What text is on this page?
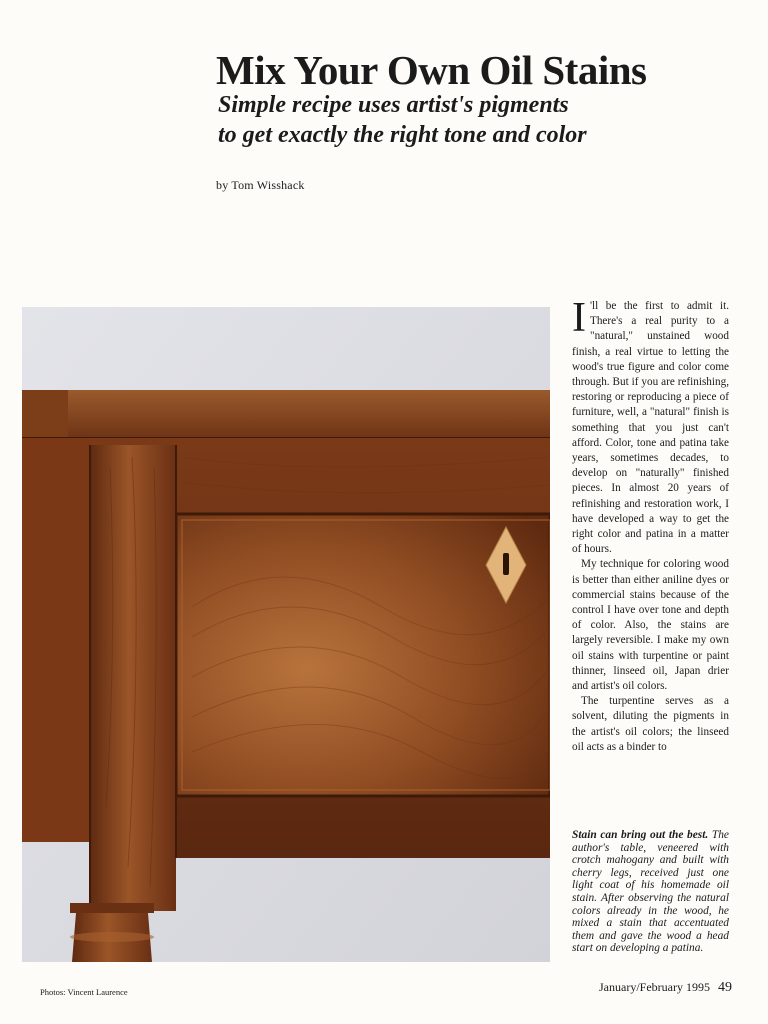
Mix Your Own Oil Stains
Simple recipe uses artist's pigments
to get exactly the right tone and color
by Tom Wisshack

I 'll be the first to admit it. There's a real purity to a "natural," unstained wood finish, a real virtue to letting the wood's true figure and color come through. But if you are refinishing, restoring or reproducing a piece of furniture, well, a "natural" finish is something that you just can't afford. Color, tone and patina take years, sometimes decades, to develop on "naturally" finished pieces. In almost 20 years of refinishing and restoration work, I have developed a way to get the right color and patina in a matter of hours.

My technique for coloring wood is better than either aniline dyes or commercial stains because of the control I have over tone and depth of color. Also, the stains are largely reversible. I make my own oil stains with turpentine or paint thinner, linseed oil, Japan drier and artist's oil colors.

The turpentine serves as a solvent, diluting the pigments in the artist's oil colors; the linseed oil acts as a binder to

Stain can bring out the best. The author's table, veneered with crotch mahogany and built with cherry legs, received just one light coat of his homemade oil stain. After observing the natural colors already in the wood, he mixed a stain that accentuated them and gave the wood a head start on developing a patina.
Photos: Vincent Laurence	January/February 1995 49
